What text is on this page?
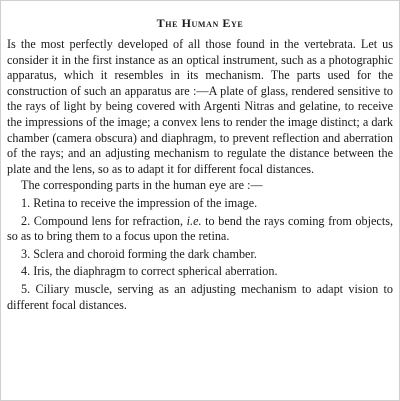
The Human Eye

Is the most perfectly developed of all those found in the vertebrata. Let us consider it in the first instance as an optical instrument, such as a photographic apparatus, which it resembles in its mechanism. The parts used for the construction of such an apparatus are :—A plate of glass, rendered sensitive to the rays of light by being covered with Argenti Nitras and gelatine, to receive the impressions of the image; a convex lens to render the image distinct; a dark chamber (camera obscura) and diaphragm, to prevent reflection and aberration of the rays; and an adjusting mechanism to regulate the distance between the plate and the lens, so as to adapt it for different focal distances.

The corresponding parts in the human eye are :—

1. Retina to receive the impression of the image.

2. Compound lens for refraction, i.e. to bend the rays coming from objects, so as to bring them to a focus upon the retina.

3. Sclera and choroid forming the dark chamber.

4. Iris, the diaphragm to correct spherical aberration.

5. Ciliary muscle, serving as an adjusting mechanism to adapt vision to different focal distances.
